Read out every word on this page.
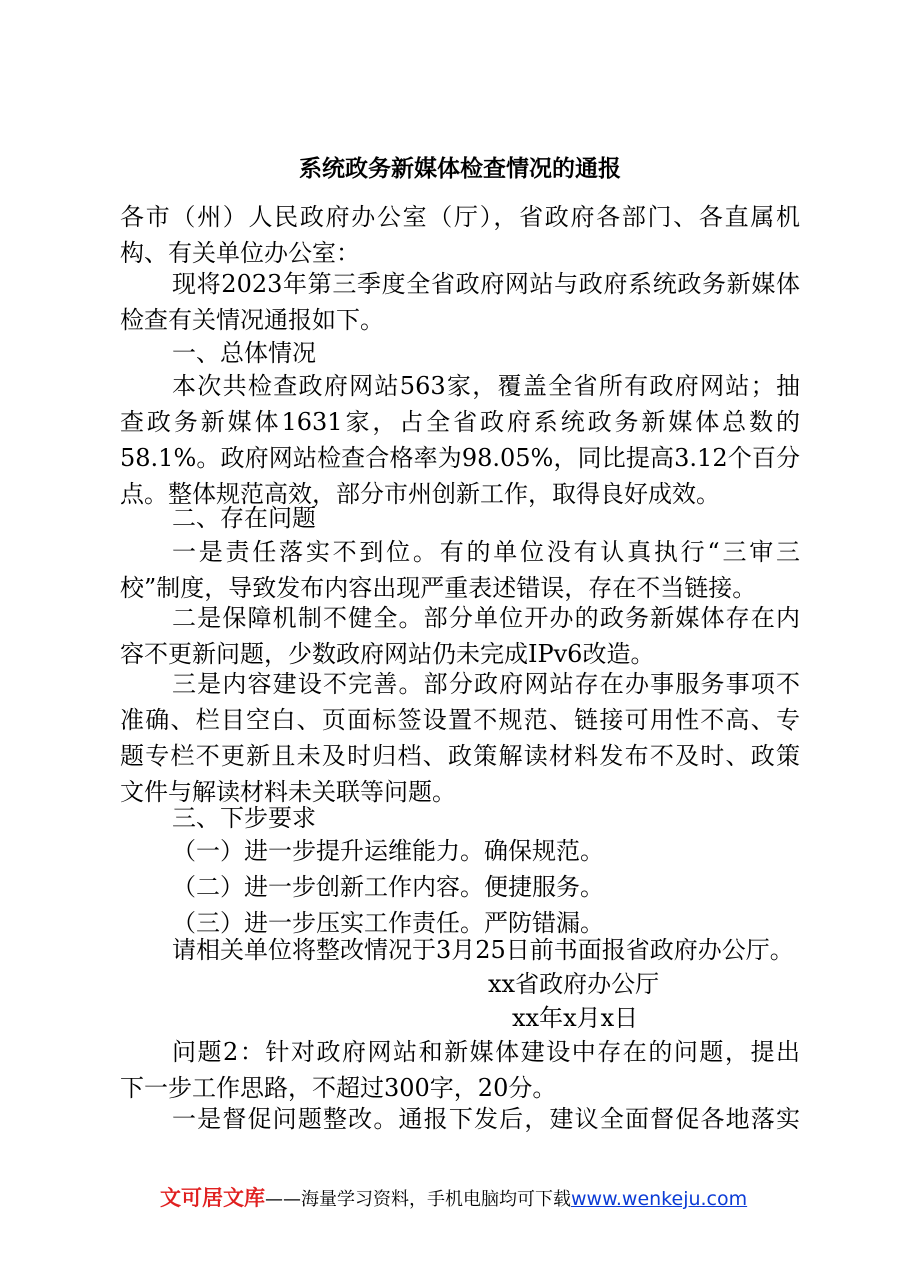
系统政务新媒体检查情况的通报
各市（州）人民政府办公室（厅），省政府各部门、各直属机
构、有关单位办公室：
现将2023年第三季度全省政府网站与政府系统政务新媒体
检查有关情况通报如下。
一、总体情况
本次共检查政府网站563家，覆盖全省所有政府网站；抽
查政务新媒体1631家，占全省政府系统政务新媒体总数的
58.1%。政府网站检查合格率为98.05%，同比提高3.12个百分
点。整体规范高效，部分市州创新工作，取得良好成效。
二、存在问题
一是责任落实不到位。有的单位没有认真执行“三审三
校”制度，导致发布内容出现严重表述错误，存在不当链接。
二是保障机制不健全。部分单位开办的政务新媒体存在内
容不更新问题，少数政府网站仍未完成IPv6改造。
三是内容建设不完善。部分政府网站存在办事服务事项不
准确、栏目空白、页面标签设置不规范、链接可用性不高、专
题专栏不更新且未及时归档、政策解读材料发布不及时、政策
文件与解读材料未关联等问题。
三、下步要求
（一）进一步提升运维能力。确保规范。
（二）进一步创新工作内容。便捷服务。
（三）进一步压实工作责任。严防错漏。
请相关单位将整改情况于3月25日前书面报省政府办公厅。
xx省政府办公厅
xx年x月x日
问题2：针对政府网站和新媒体建设中存在的问题，提出
下一步工作思路，不超过300字，20分。
一是督促问题整改。通报下发后，建议全面督促各地落实
文可居文库——海量学习资料，手机电脑均可下载www.wenkeju.com
